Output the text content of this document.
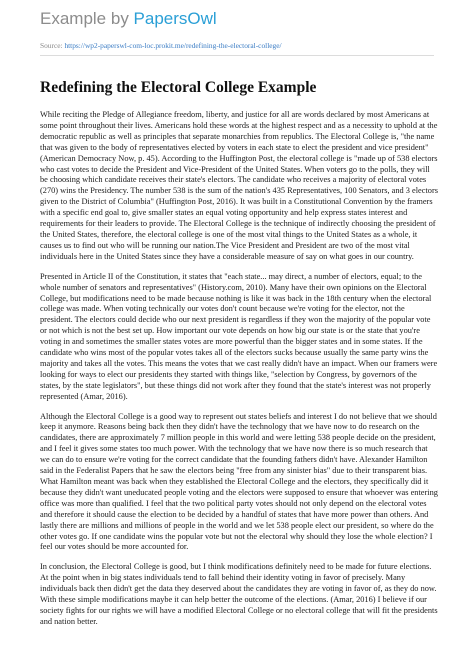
Example by PapersOwl
Source: https://wp2-paperswl-com-loc.prokit.me/redefining-the-electoral-college/
Redefining the Electoral College Example

While reciting the Pledge of Allegiance freedom, liberty, and justice for all are words declared by most Americans at some point throughout their lives. Americans hold these words at the highest respect and as a necessity to uphold at the democratic republic as well as principles that separate monarchies from republics. The Electoral College is, "the name that was given to the body of representatives elected by voters in each state to elect the president and vice president" (American Democracy Now, p. 45). According to the Huffington Post, the electoral college is "made up of 538 electors who cast votes to decide the President and Vice-President of the United States. When voters go to the polls, they will be choosing which candidate receives their state's electors. The candidate who receives a majority of electoral votes (270) wins the Presidency. The number 538 is the sum of the nation's 435 Representatives, 100 Senators, and 3 electors given to the District of Columbia" (Huffington Post, 2016). It was built in a Constitutional Convention by the framers with a specific end goal to, give smaller states an equal voting opportunity and help express states interest and requirements for their leaders to provide. The Electoral College is the technique of indirectly choosing the president of the United States, therefore, the electoral college is one of the most vital things to the United States as a whole, it causes us to find out who will be running our nation.The Vice President and President are two of the most vital individuals here in the United States since they have a considerable measure of say on what goes in our country.

Presented in Article II of the Constitution, it states that "each state... may direct, a number of electors, equal; to the whole number of senators and representatives" (History.com, 2010). Many have their own opinions on the Electoral College, but modifications need to be made because nothing is like it was back in the 18th century when the electoral college was made. When voting technically our votes don't count because we're voting for the elector, not the president. The electors could decide who our next president is regardless if they won the majority of the popular vote or not which is not the best set up. How important our vote depends on how big our state is or the state that you're voting in and sometimes the smaller states votes are more powerful than the bigger states and in some states. If the candidate who wins most of the popular votes takes all of the electors sucks because usually the same party wins the majority and takes all the votes. This means the votes that we cast really didn't have an impact. When our framers were looking for ways to elect our presidents they started with things like, "selection by Congress, by governors of the states, by the state legislators", but these things did not work after they found that the state's interest was not properly represented (Amar, 2016).

Although the Electoral College is a good way to represent out states beliefs and interest I do not believe that we should keep it anymore. Reasons being back then they didn't have the technology that we have now to do research on the candidates, there are approximately 7 million people in this world and were letting 538 people decide on the president, and I feel it gives some states too much power. With the technology that we have now there is so much research that we can do to ensure we're voting for the correct candidate that the founding fathers didn't have. Alexander Hamilton said in the Federalist Papers that he saw the electors being "free from any sinister bias" due to their transparent bias. What Hamilton meant was back when they established the Electoral College and the electors, they specifically did it because they didn't want uneducated people voting and the electors were supposed to ensure that whoever was entering office was more than qualified. I feel that the two political party votes should not only depend on the electoral votes and therefore it should cause the election to be decided by a handful of states that have more power than others. And lastly there are millions and millions of people in the world and we let 538 people elect our president, so where do the other votes go. If one candidate wins the popular vote but not the electoral why should they lose the whole election? I feel our votes should be more accounted for.

In conclusion, the Electoral College is good, but I think modifications definitely need to be made for future elections. At the point when in big states individuals tend to fall behind their identity voting in favor of precisely. Many individuals back then didn't get the data they deserved about the candidates they are voting in favor of, as they do now. With these simple modifications maybe it can help better the outcome of the elections. (Amar, 2016) I believe if our society fights for our rights we will have a modified Electoral College or no electoral college that will fit the presidents and nation better.
